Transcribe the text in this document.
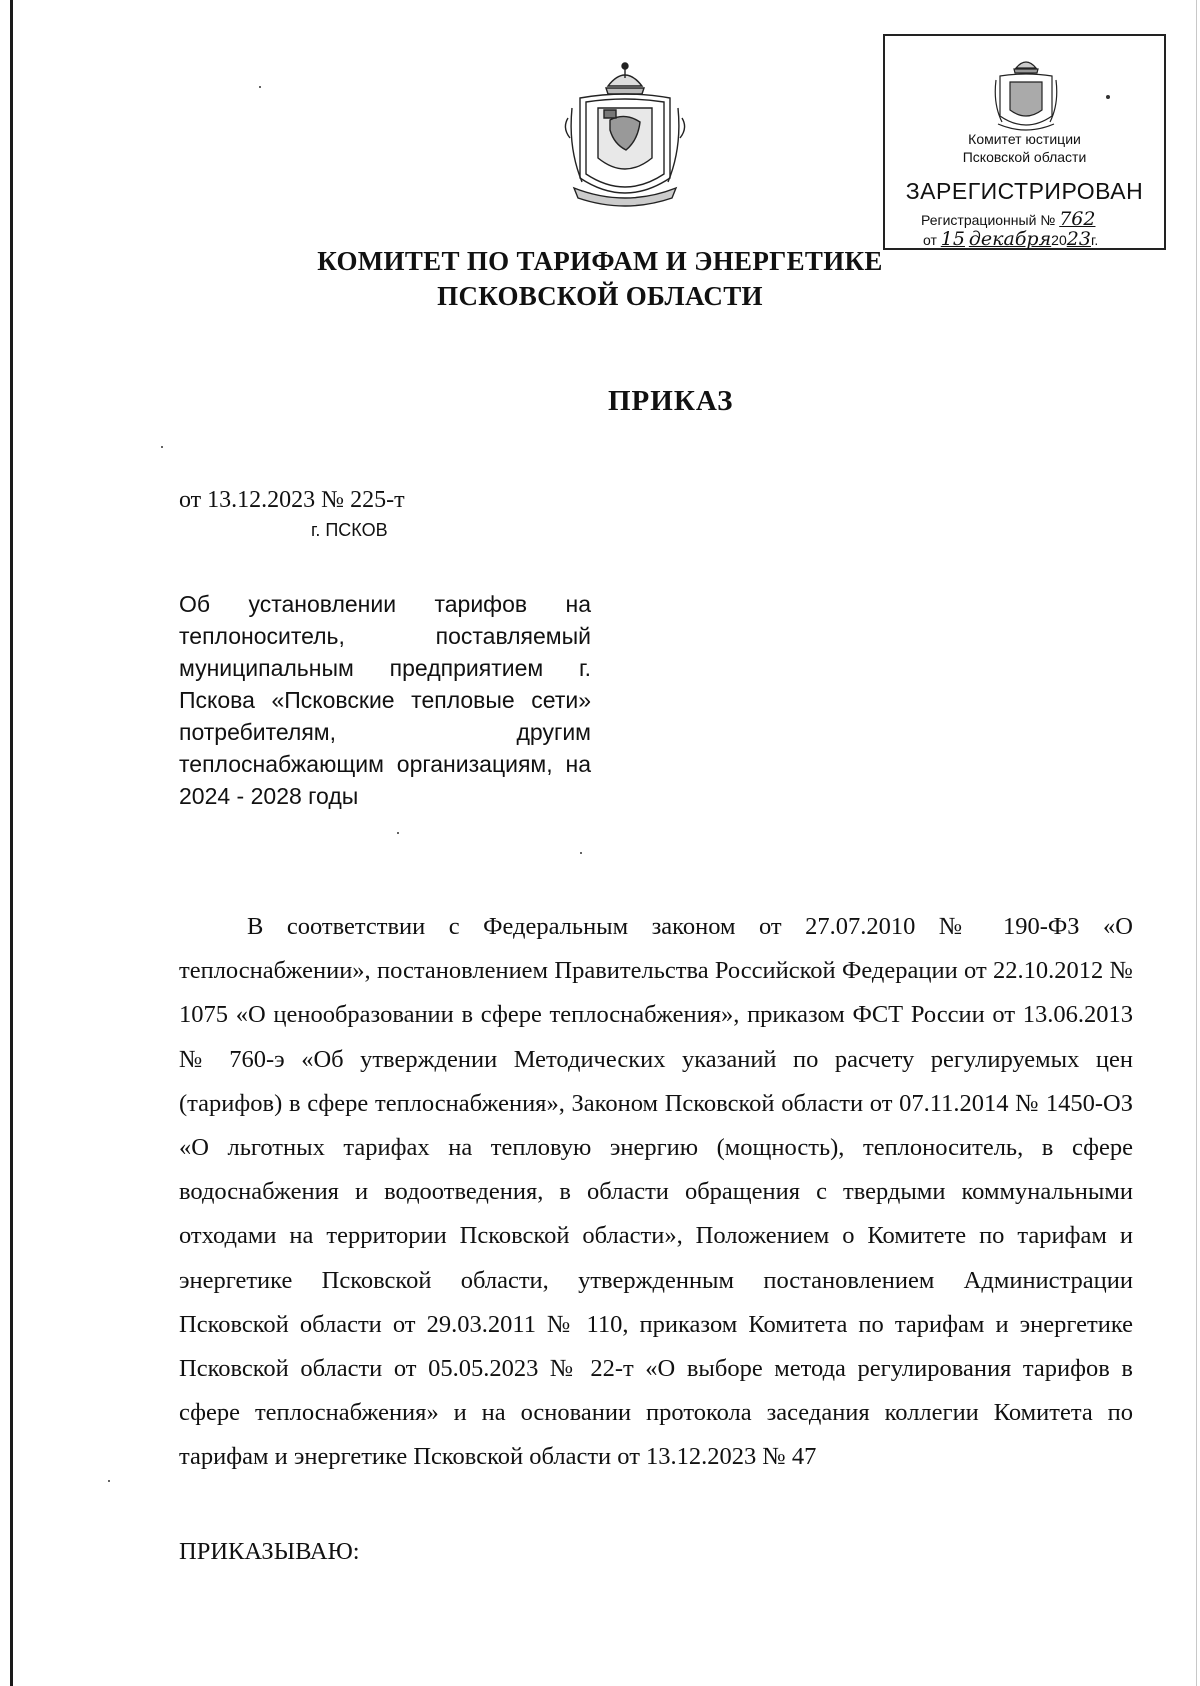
Комитет юстиции
Псковской области
ЗАРЕГИСТРИРОВАН
Регистрационный № 762
от 15 декабря2023г.
КОМИТЕТ ПО ТАРИФАМ И ЭНЕРГЕТИКЕ
ПСКОВСКОЙ ОБЛАСТИ
ПРИКАЗ
от 13.12.2023 № 225-т
г. ПСКОВ
Об установлении тарифов на теплоноситель, поставляемый муниципальным предприятием г. Пскова «Псковские тепловые сети» потребителям, другим теплоснабжающим организациям, на 2024 - 2028 годы
В соответствии с Федеральным законом от 27.07.2010 № 190-ФЗ «О теплоснабжении», постановлением Правительства Российской Федерации от 22.10.2012 № 1075 «О ценообразовании в сфере теплоснабжения», приказом ФСТ России от 13.06.2013 № 760-э «Об утверждении Методических указаний по расчету регулируемых цен (тарифов) в сфере теплоснабжения», Законом Псковской области от 07.11.2014 № 1450-ОЗ «О льготных тарифах на тепловую энергию (мощность), теплоноситель, в сфере водоснабжения и водоотведения, в области обращения с твердыми коммунальными отходами на территории Псковской области», Положением о Комитете по тарифам и энергетике Псковской области, утвержденным постановлением Администрации Псковской области от 29.03.2011 № 110, приказом Комитета по тарифам и энергетике Псковской области от 05.05.2023 № 22-т «О выборе метода регулирования тарифов в сфере теплоснабжения» и на основании протокола заседания коллегии Комитета по тарифам и энергетике Псковской области от 13.12.2023 № 47
ПРИКАЗЫВАЮ:
